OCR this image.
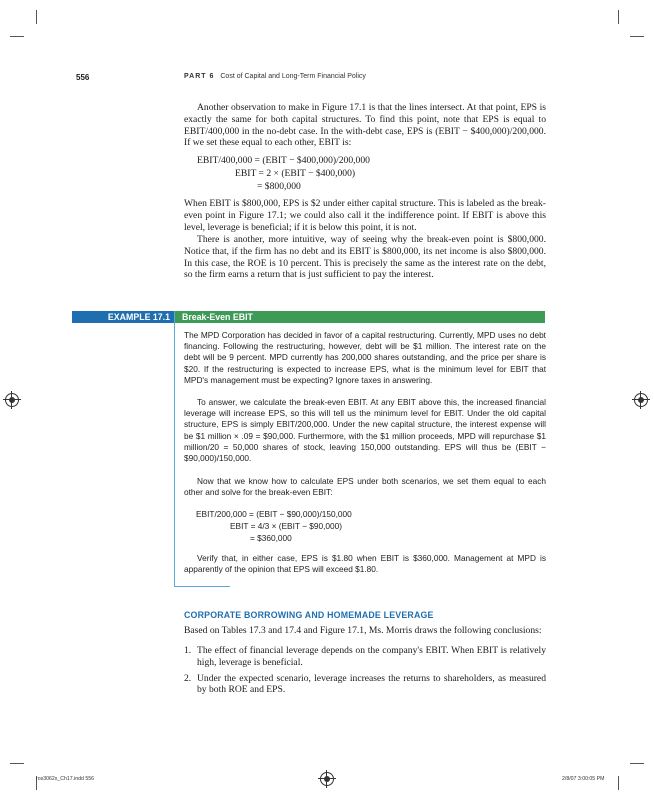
556	PART 6 Cost of Capital and Long-Term Financial Policy
Another observation to make in Figure 17.1 is that the lines intersect. At that point, EPS is exactly the same for both capital structures. To find this point, note that EPS is equal to EBIT/400,000 in the no-debt case. In the with-debt case, EPS is (EBIT − $400,000)/200,000. If we set these equal to each other, EBIT is:
EBIT/400,000 = (EBIT − $400,000)/200,000
EBIT = 2 × (EBIT − $400,000)
= $800,000
When EBIT is $800,000, EPS is $2 under either capital structure. This is labeled as the break-even point in Figure 17.1; we could also call it the indifference point. If EBIT is above this level, leverage is beneficial; if it is below this point, it is not.
There is another, more intuitive, way of seeing why the break-even point is $800,000. Notice that, if the firm has no debt and its EBIT is $800,000, its net income is also $800,000. In this case, the ROE is 10 percent. This is precisely the same as the interest rate on the debt, so the firm earns a return that is just sufficient to pay the interest.
EXAMPLE 17.1	Break-Even EBIT
The MPD Corporation has decided in favor of a capital restructuring. Currently, MPD uses no debt financing. Following the restructuring, however, debt will be $1 million. The interest rate on the debt will be 9 percent. MPD currently has 200,000 shares outstanding, and the price per share is $20. If the restructuring is expected to increase EPS, what is the minimum level for EBIT that MPD's management must be expecting? Ignore taxes in answering.
To answer, we calculate the break-even EBIT. At any EBIT above this, the increased financial leverage will increase EPS, so this will tell us the minimum level for EBIT. Under the old capital structure, EPS is simply EBIT/200,000. Under the new capital structure, the interest expense will be $1 million × .09 = $90,000. Furthermore, with the $1 million proceeds, MPD will repurchase $1 million/20 = 50,000 shares of stock, leaving 150,000 outstanding. EPS will thus be (EBIT − $90,000)/150,000.
Now that we know how to calculate EPS under both scenarios, we set them equal to each other and solve for the break-even EBIT:
EBIT/200,000 = (EBIT − $90,000)/150,000
EBIT = 4/3 × (EBIT − $90,000)
= $360,000
Verify that, in either case, EPS is $1.80 when EBIT is $360,000. Management at MPD is apparently of the opinion that EPS will exceed $1.80.
CORPORATE BORROWING AND HOMEMADE LEVERAGE
Based on Tables 17.3 and 17.4 and Figure 17.1, Ms. Morris draws the following conclusions:
1. The effect of financial leverage depends on the company's EBIT. When EBIT is relatively high, leverage is beneficial.
2. Under the expected scenario, leverage increases the returns to shareholders, as measured by both ROE and EPS.
ros3062x_Ch17.indd 556	2/8/07 3:00:05 PM
